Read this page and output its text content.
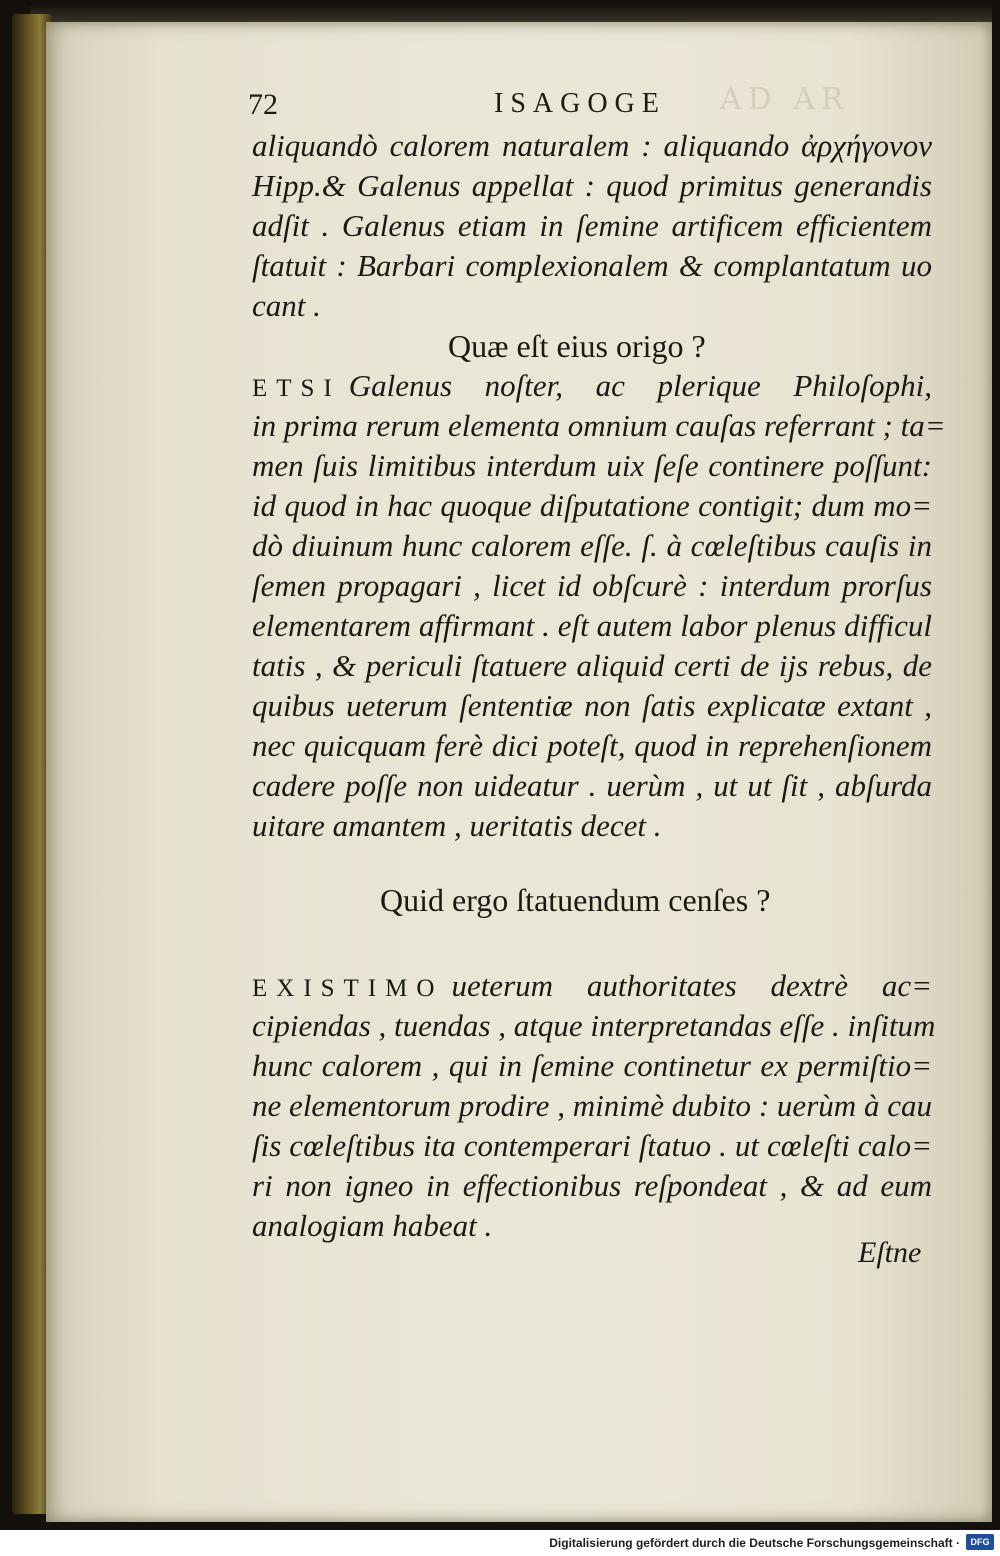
AD AR
72	ISAGOGE
aliquandò calorem naturalem : aliquando ἀρχήγονον
Hipp.& Galenus appellat : quod primitus generandis
adſit . Galenus etiam in ſemine artificem efficientem
ſtatuit : Barbari complexionalem & complantatum uo
cant .
ETSI Galenus noſter, ac plerique Philoſophi,
in prima rerum elementa omnium cauſas referrant ; ta=
men ſuis limitibus interdum uix ſeſe continere poſſunt:
id quod in hac quoque diſputatione contigit; dum mo=
dò diuinum hunc calorem eſſe. ſ. à cœleſtibus cauſis in
ſemen propagari , licet id obſcurè : interdum prorſus
elementarem affirmant . eſt autem labor plenus difficul
tatis , & periculi ſtatuere aliquid certi de ijs rebus, de
quibus ueterum ſententiæ non ſatis explicatæ extant ,
nec quicquam ferè dici poteſt, quod in reprehenſionem
cadere poſſe non uideatur . uerùm , ut ut ſit , abſurda
uitare amantem , ueritatis decet .
EXISTIMO ueterum authoritates dextrè ac=
cipiendas , tuendas , atque interpretandas eſſe . inſitum
hunc calorem , qui in ſemine continetur ex permiſtio=
ne elementorum prodire , minimè dubito : uerùm à cau
ſis cœleſtibus ita contemperari ſtatuo . ut cœleſti calo=
ri non igneo in effectionibus reſpondeat , & ad eum
analogiam habeat .
Quæ eſt eius origo ?
Quid ergo ſtatuendum cenſes ?
Eſtne
Digitalisierung gefördert durch die Deutsche Forschungsgemeinschaft ·	DFG
